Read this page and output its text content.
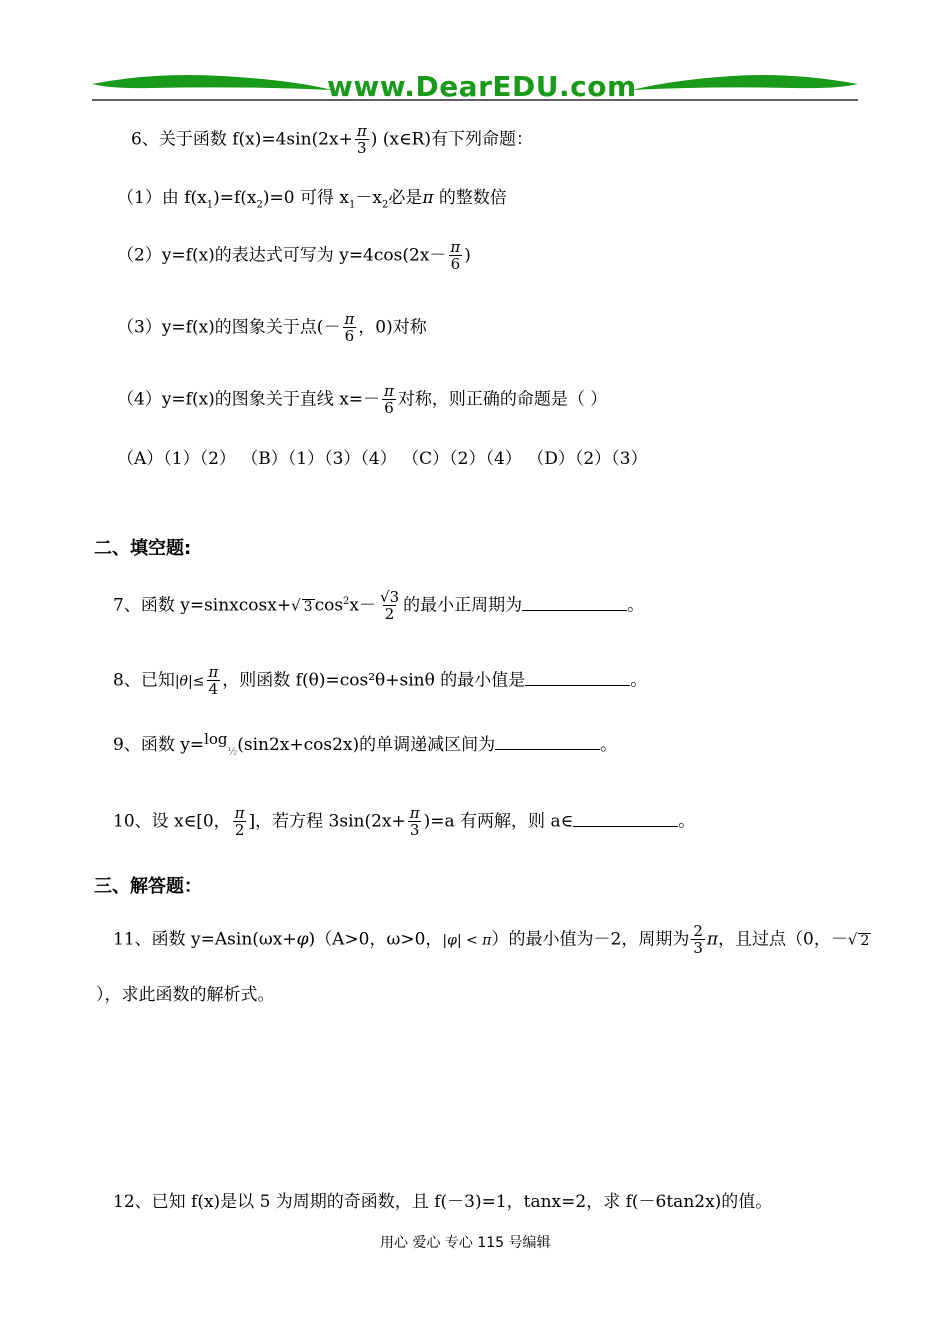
www.DearEDU.com
6、关于函数 $f(x)=4\sin(2x+ \frac{\pi}{3}$ ) (x∈R)有下列命题：
（1）由 $f(x_1)=f(x_2)=0$ 可得 $x_1-x_2$必是π 的整数倍
（2）y=f(x)的表达式可写为 $y=4\cos(2x- \frac{\pi}{6}$ )
（3）y=f(x)的图象关于点(－ $\frac{\pi}{6}$ ，0)对称
（4）y=f(x)的图象关于直线 $x=- \frac{\pi}{6}$ 对称，则正确的命题是（ ）
（A）（1）（2） （B）（1）（3）（4） （C）（2）（4） （D）（2）（3）
二、填空题:
7、函数 y=sinxcosx+√ 3 $\cos^2x- \frac{√3}{2}$ 的最小正周期为	。
8、已知$|\theta|\le \frac{\pi}{4}$ ，则函数 f(θ)=cos²θ+sinθ 的最小值是	。
9、函数 $y=\log_{\frac{1}{2}}(\sin 2x+\cos 2x)$的单调递减区间为	。
10、设 x∈[0， $\frac{\pi}{2}$ ]，若方程 $3\sin(2x+ \frac{\pi}{3} )=a$ 有两解，则 a∈	。
三、解答题：
11、函数 y=Asin(ωx+φ)（A>0，ω>0，|φ| < π）的最小值为－2，周期为 $\frac{2}{3}$ π，且过点（0，－√ 2
），求此函数的解析式。
12、已知 f(x)是以 5 为周期的奇函数，且 f(－3)=1，tanx=2，求 f(－6tan2x)的值。
用心 爱心 专心 115 号编辑
